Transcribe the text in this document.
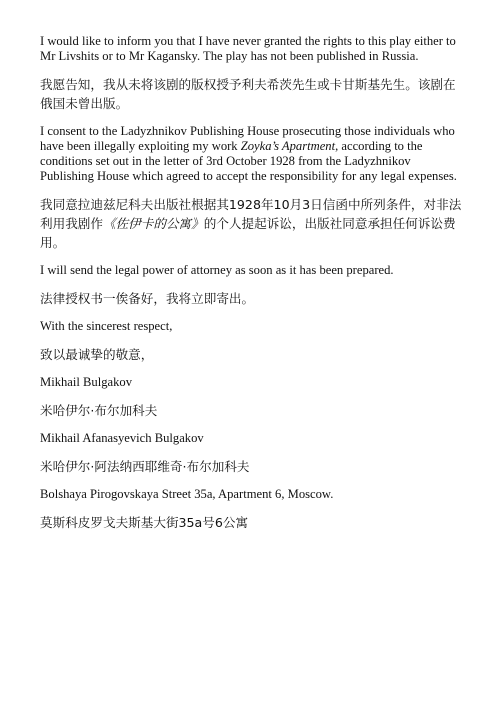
I would like to inform you that I have never granted the rights to this play either to Mr Livshits or to Mr Kagansky. The play has not been published in Russia.

我愿告知，我从未将该剧的版权授予利夫希茨先生或卡甘斯基先生。该剧在俄国未曾出版。

I consent to the Ladyzhnikov Publishing House prosecuting those individuals who have been illegally exploiting my work Zoyka’s Apartment, according to the conditions set out in the letter of 3rd October 1928 from the Ladyzhnikov Publishing House which agreed to accept the responsibility for any legal expenses.

我同意拉迪兹尼科夫出版社根据其1928年10月3日信函中所列条件，对非法利用我剧作《佐伊卡的公寓》的个人提起诉讼，出版社同意承担任何诉讼费用。

I will send the legal power of attorney as soon as it has been prepared.

法律授权书一俟备好，我将立即寄出。

With the sincerest respect,

致以最诚挚的敬意，

Mikhail Bulgakov

米哈伊尔·布尔加科夫

Mikhail Afanasyevich Bulgakov

米哈伊尔·阿法纳西耶维奇·布尔加科夫

Bolshaya Pirogovskaya Street 35a, Apartment 6, Moscow.

莫斯科皮罗戈夫斯基大街35a号6公寓
